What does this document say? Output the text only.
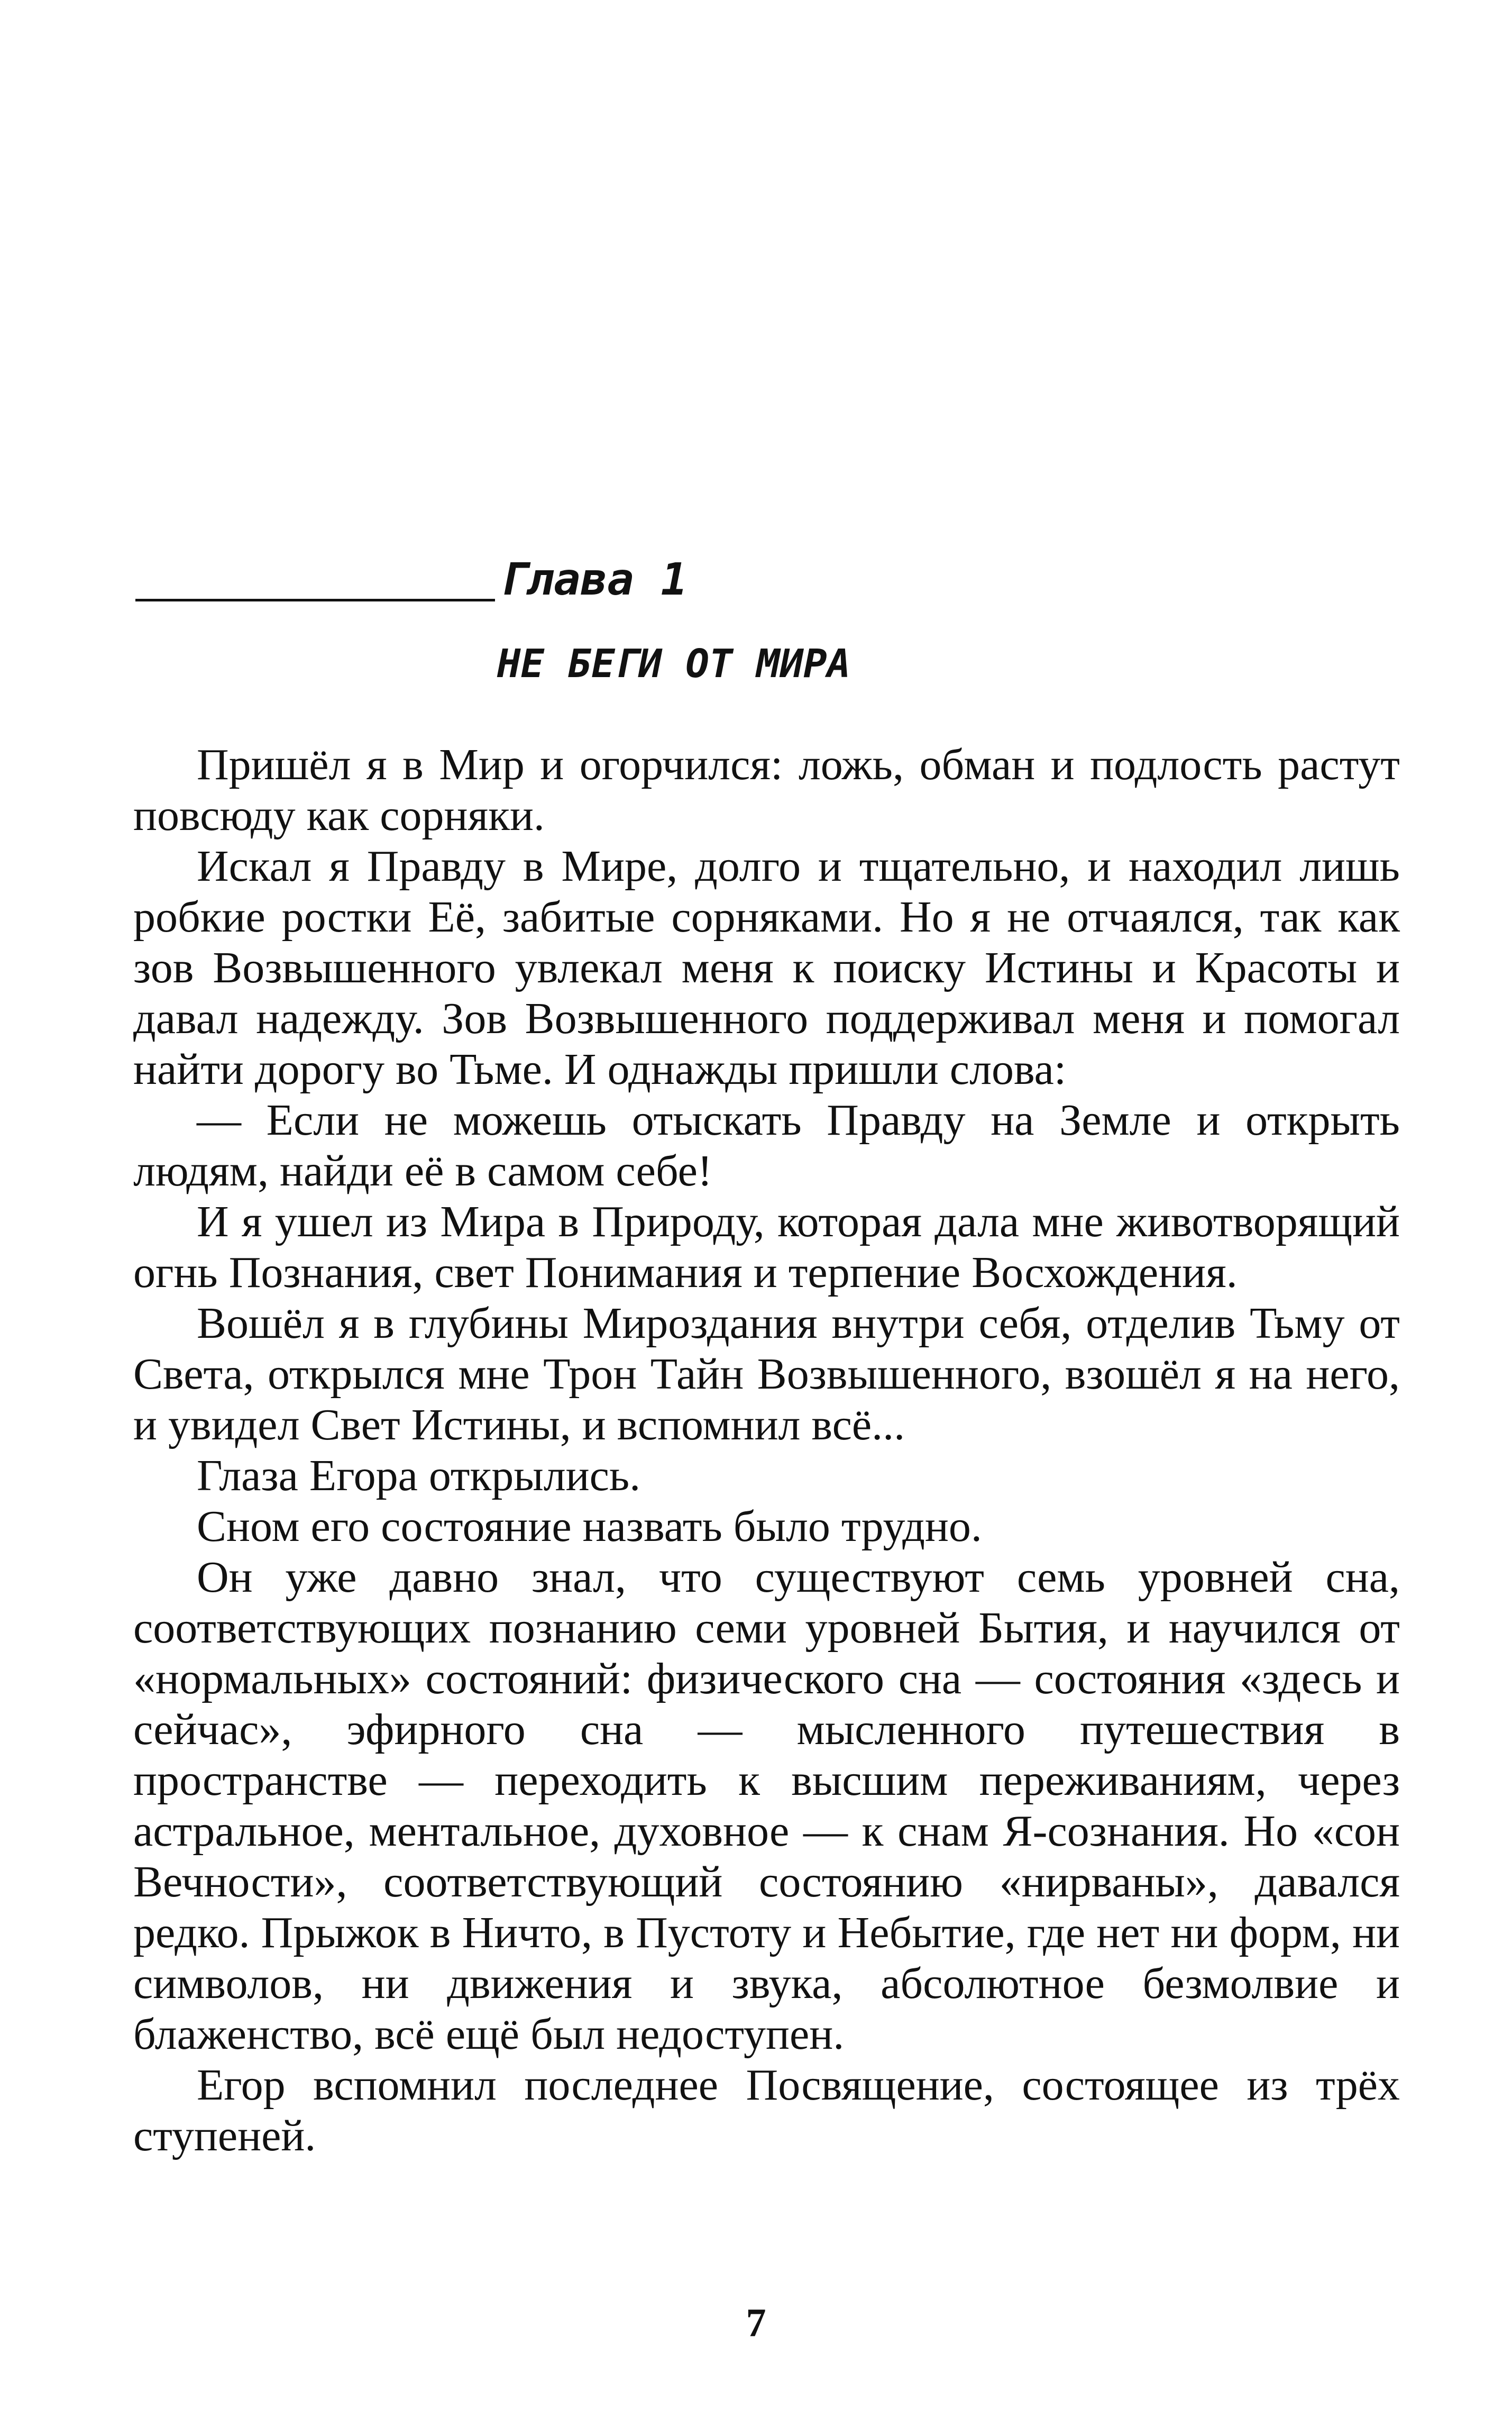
Глава 1
НЕ БЕГИ ОТ МИРА

Пришёл я в Мир и огорчился: ложь, обман и подлость растут повсюду как сорняки.

Искал я Правду в Мире, долго и тщательно, и находил лишь робкие ростки Её, забитые сорняками. Но я не отчаялся, так как зов Возвышенного увлекал меня к поиску Истины и Красоты и давал надежду. Зов Возвышенного поддерживал меня и помогал найти дорогу во Тьме. И однажды пришли слова:

— Если не можешь отыскать Правду на Земле и открыть людям, найди её в самом себе!

И я ушел из Мира в Природу, которая дала мне животворящий огнь Познания, свет Понимания и терпение Восхождения.

Вошёл я в глубины Мироздания внутри себя, отделив Тьму от Света, открылся мне Трон Тайн Возвышенного, взошёл я на него, и увидел Свет Истины, и вспомнил всё...

Глаза Егора открылись.

Сном его состояние назвать было трудно.

Он уже давно знал, что существуют семь уровней сна, соответствующих познанию семи уровней Бытия, и научился от «нормальных» состояний: физического сна — состояния «здесь и сейчас», эфирного сна — мысленного путешествия в пространстве — переходить к высшим переживаниям, через астральное, ментальное, духовное — к снам Я-сознания. Но «сон Вечности», соответствующий состоянию «нирваны», давался редко. Прыжок в Ничто, в Пустоту и Небытие, где нет ни форм, ни символов, ни движения и звука, абсолютное безмолвие и блаженство, всё ещё был недоступен.

Егор вспомнил последнее Посвящение, состоящее из трёх ступеней.

7
